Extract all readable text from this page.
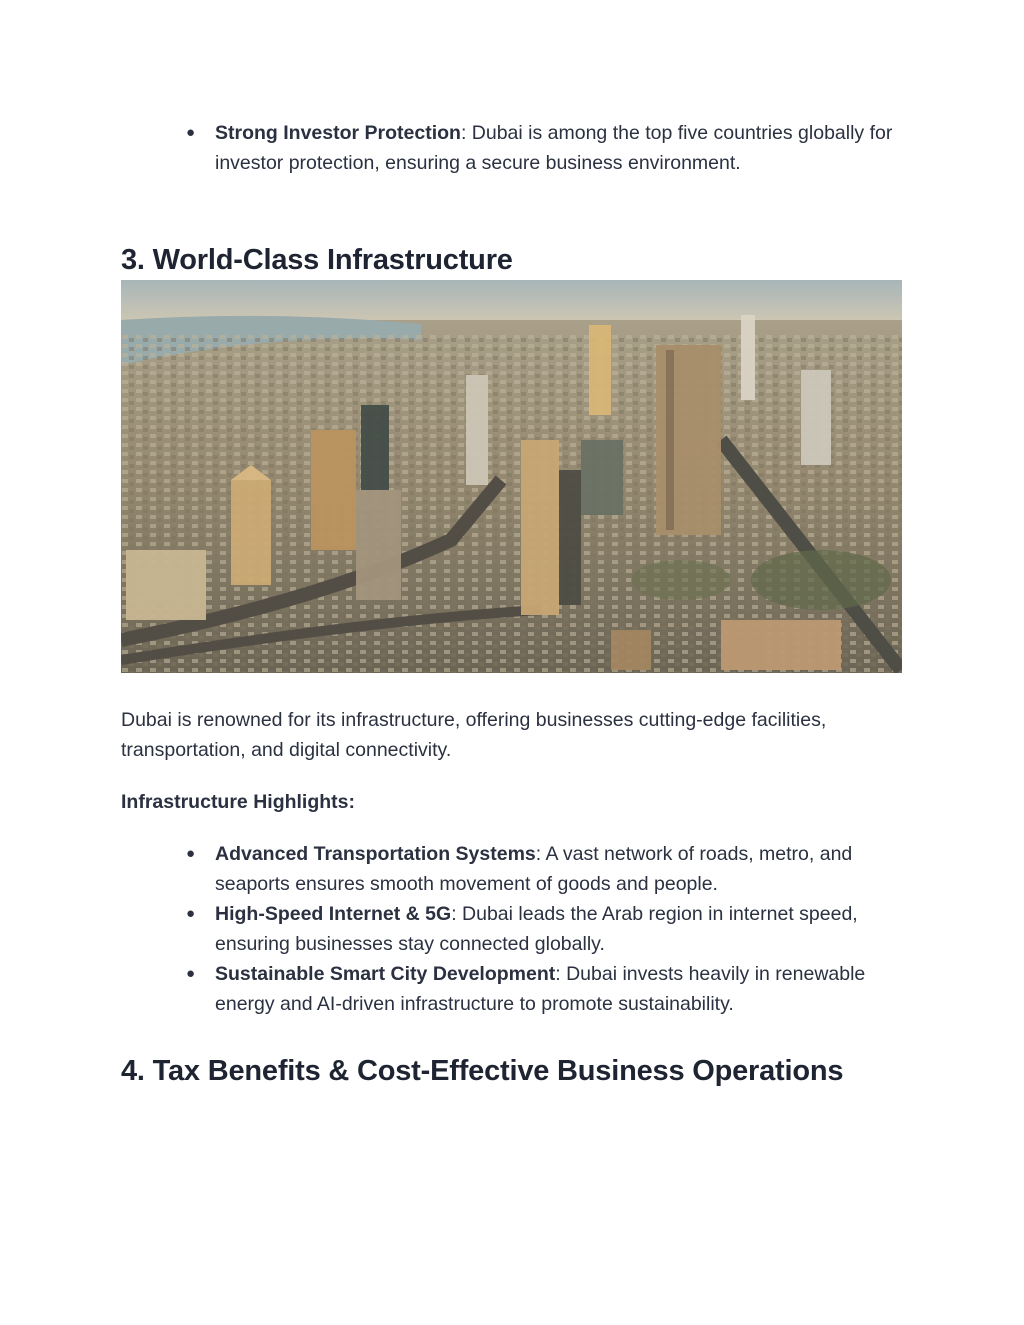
● Strong Investor Protection: Dubai is among the top five countries globally for investor protection, ensuring a secure business environment.
3. World-Class Infrastructure

Dubai is renowned for its infrastructure, offering businesses cutting-edge facilities, transportation, and digital connectivity.

Infrastructure Highlights:

● Advanced Transportation Systems: A vast network of roads, metro, and seaports ensures smooth movement of goods and people.
● High-Speed Internet & 5G: Dubai leads the Arab region in internet speed, ensuring businesses stay connected globally.
● Sustainable Smart City Development: Dubai invests heavily in renewable energy and AI-driven infrastructure to promote sustainability.
4. Tax Benefits & Cost-Effective Business Operations
